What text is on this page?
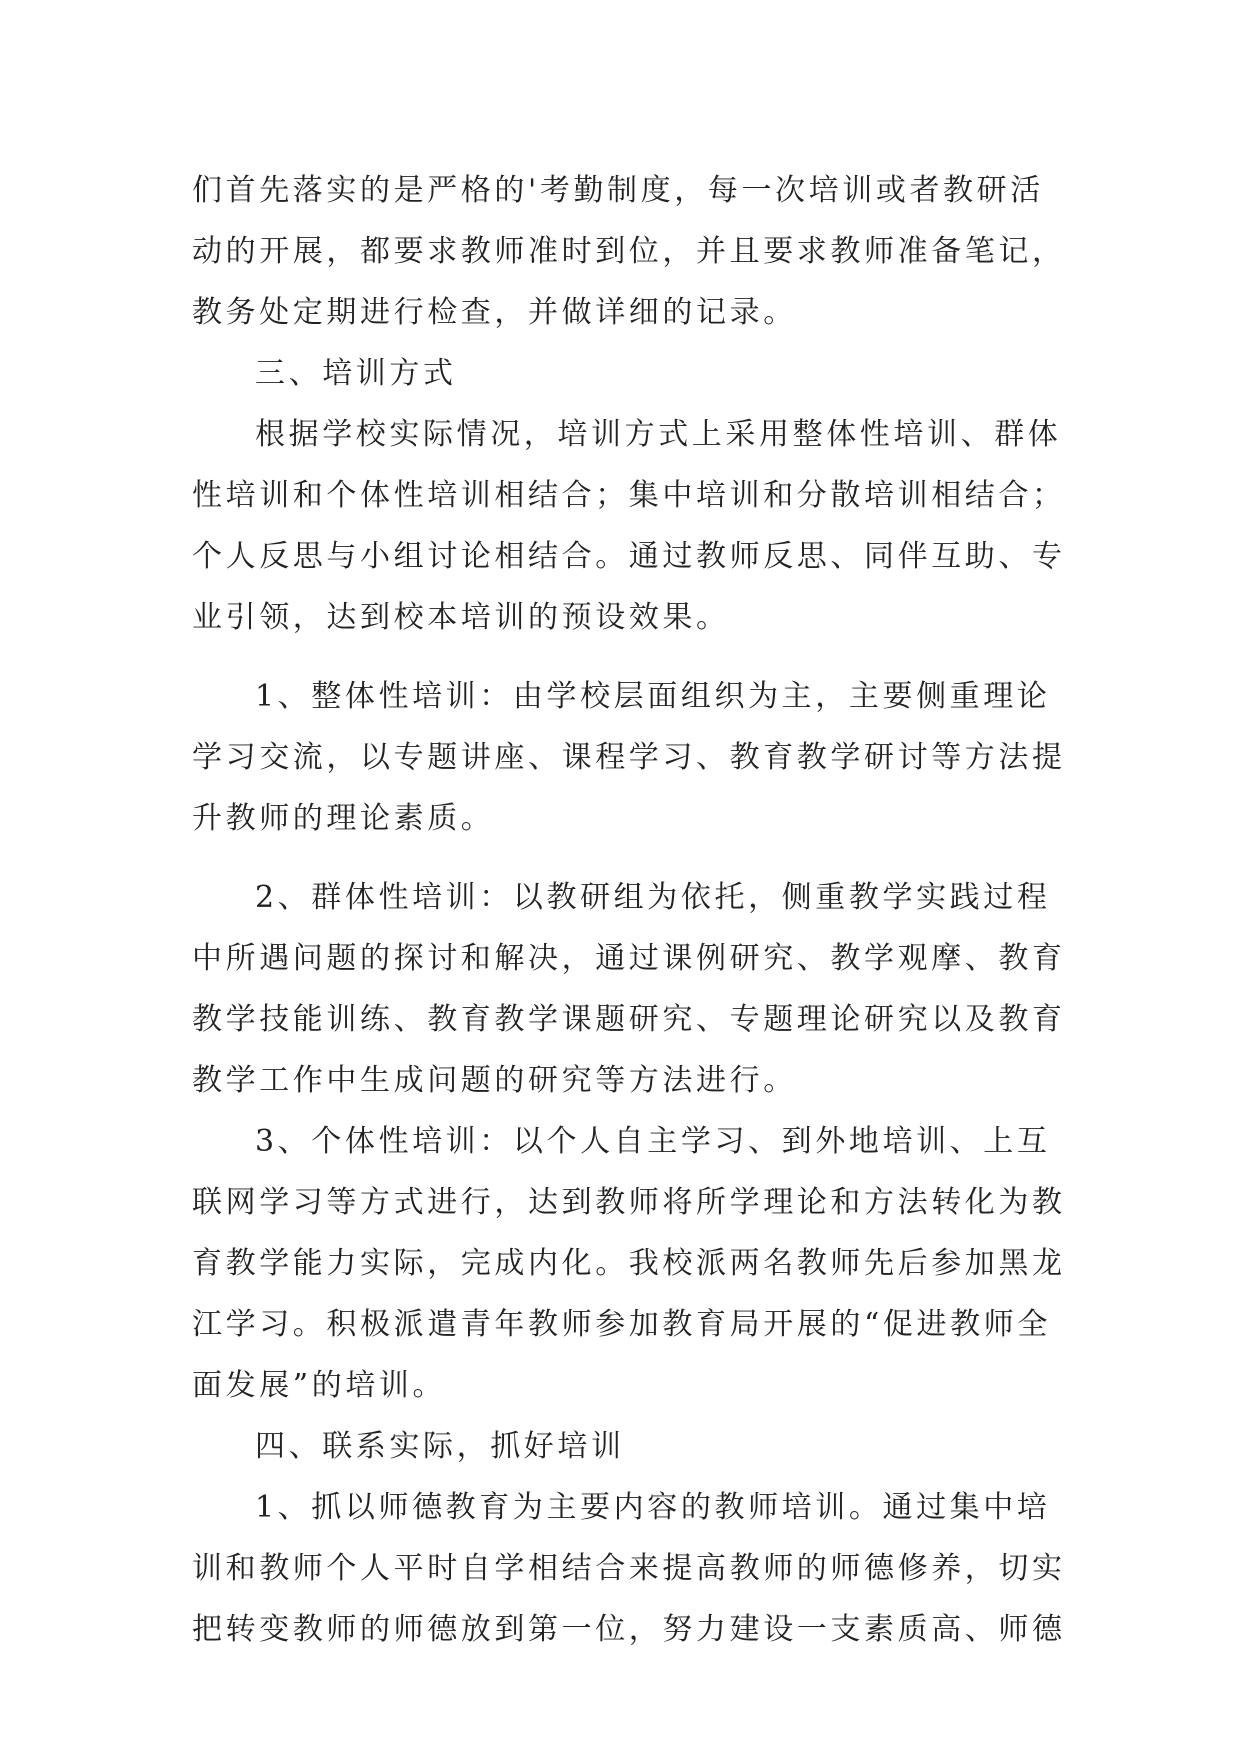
们首先落实的是严格的'考勤制度，每一次培训或者教研活
动的开展，都要求教师准时到位，并且要求教师准备笔记，
教务处定期进行检查，并做详细的记录。
三、培训方式
根据学校实际情况，培训方式上采用整体性培训、群体
性培训和个体性培训相结合；集中培训和分散培训相结合；
个人反思与小组讨论相结合。通过教师反思、同伴互助、专
业引领，达到校本培训的预设效果。
1、整体性培训：由学校层面组织为主，主要侧重理论
学习交流，以专题讲座、课程学习、教育教学研讨等方法提
升教师的理论素质。
2、群体性培训：以教研组为依托，侧重教学实践过程
中所遇问题的探讨和解决，通过课例研究、教学观摩、教育
教学技能训练、教育教学课题研究、专题理论研究以及教育
教学工作中生成问题的研究等方法进行。
3、个体性培训：以个人自主学习、到外地培训、上互
联网学习等方式进行，达到教师将所学理论和方法转化为教
育教学能力实际，完成内化。我校派两名教师先后参加黑龙
江学习。积极派遣青年教师参加教育局开展的“促进教师全
面发展”的培训。
四、联系实际，抓好培训
1、抓以师德教育为主要内容的教师培训。通过集中培
训和教师个人平时自学相结合来提高教师的师德修养，切实
把转变教师的师德放到第一位，努力建设一支素质高、师德
